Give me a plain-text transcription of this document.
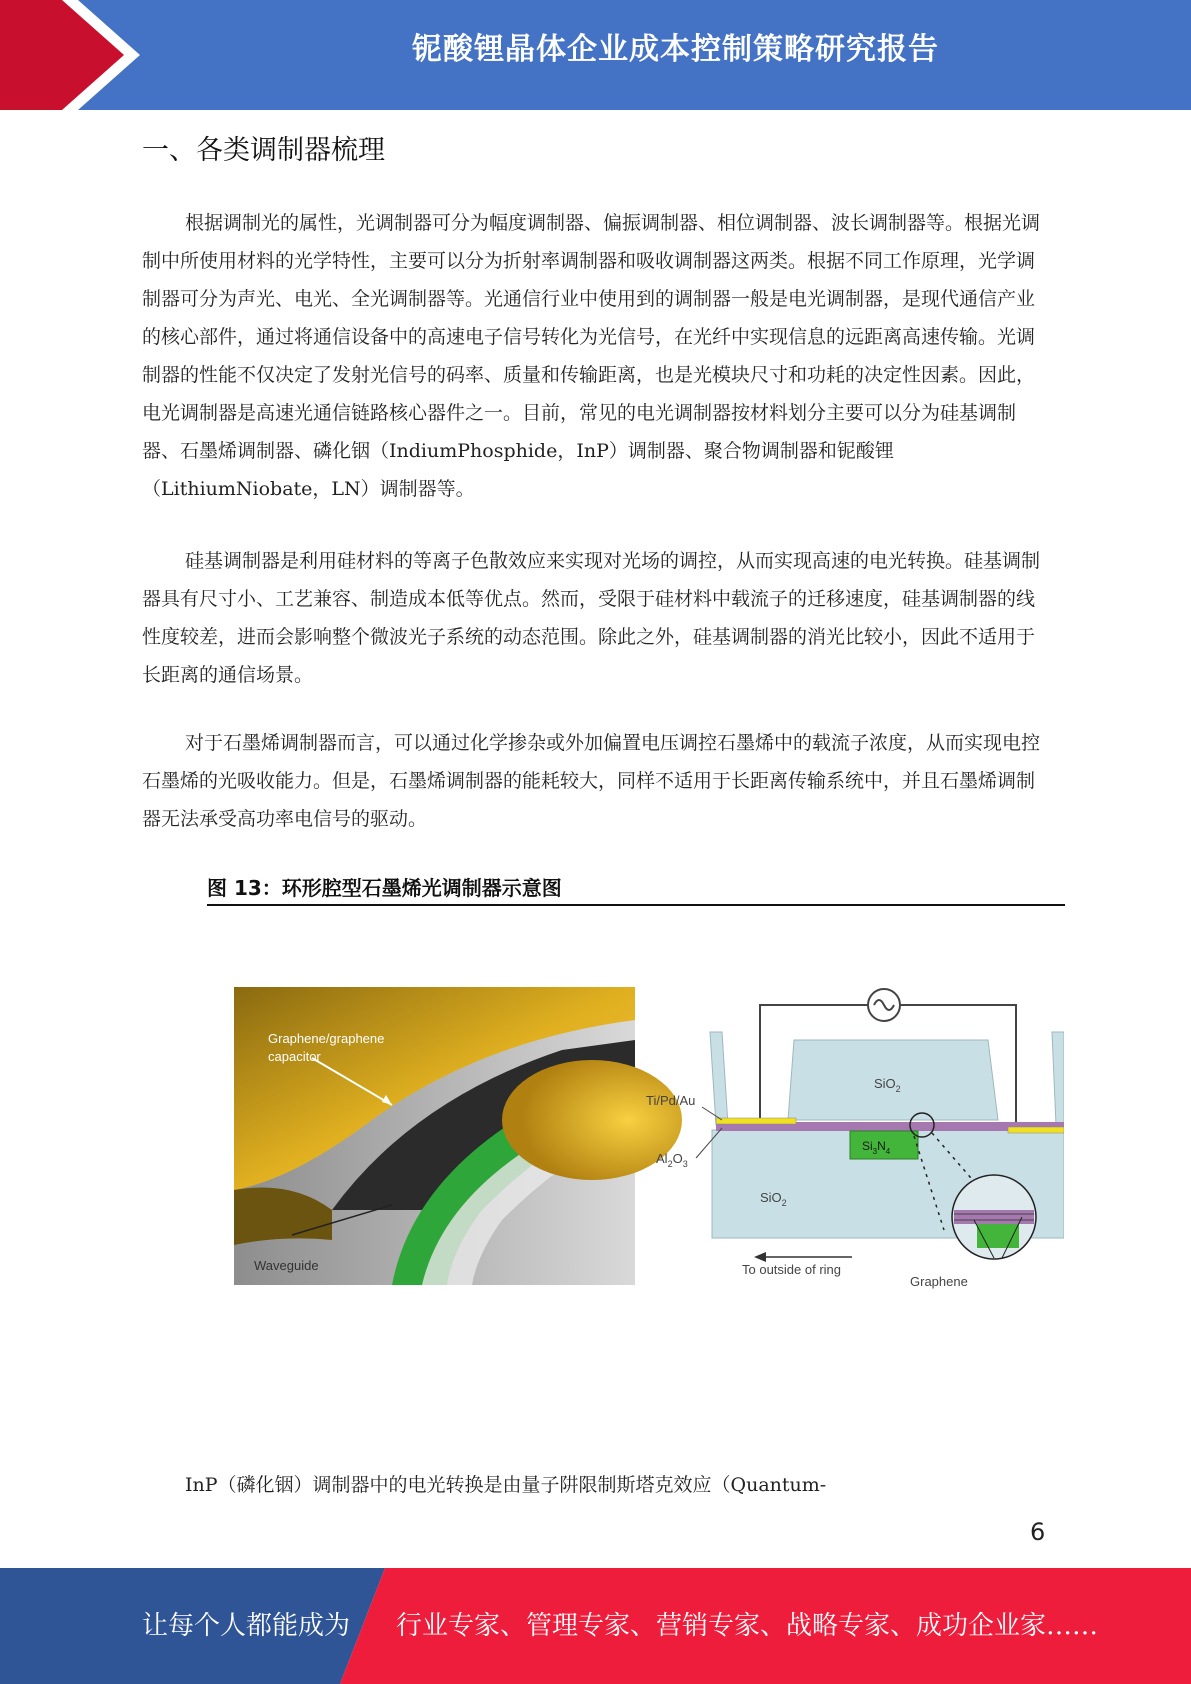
铌酸锂晶体企业成本控制策略研究报告
一、各类调制器梳理

根据调制光的属性，光调制器可分为幅度调制器、偏振调制器、相位调制器、波长调制器等。根据光调制中所使用材料的光学特性，主要可以分为折射率调制器和吸收调制器这两类。根据不同工作原理，光学调制器可分为声光、电光、全光调制器等。光通信行业中使用到的调制器一般是电光调制器，是现代通信产业的核心部件，通过将通信设备中的高速电子信号转化为光信号，在光纤中实现信息的远距离高速传输。光调制器的性能不仅决定了发射光信号的码率、质量和传输距离，也是光模块尺寸和功耗的决定性因素。因此，电光调制器是高速光通信链路核心器件之一。目前，常见的电光调制器按材料划分主要可以分为硅基调制器、石墨烯调制器、磷化铟（IndiumPhosphide，InP）调制器、聚合物调制器和铌酸锂（LithiumNiobate，LN）调制器等。

硅基调制器是利用硅材料的等离子色散效应来实现对光场的调控，从而实现高速的电光转换。硅基调制器具有尺寸小、工艺兼容、制造成本低等优点。然而，受限于硅材料中载流子的迁移速度，硅基调制器的线性度较差，进而会影响整个微波光子系统的动态范围。除此之外，硅基调制器的消光比较小，因此不适用于长距离的通信场景。

对于石墨烯调制器而言，可以通过化学掺杂或外加偏置电压调控石墨烯中的载流子浓度，从而实现电控石墨烯的光吸收能力。但是，石墨烯调制器的能耗较大，同样不适用于长距离传输系统中，并且石墨烯调制器无法承受高功率电信号的驱动。

图 13：环形腔型石墨烯光调制器示意图
Graphene/graphene
capacitor
Waveguide
SiO$_2$
Ti/Pd/Au
$Al_2O_3$
$Si_3N_4$
SiO$_2$
To outside of ring
Graphene

InP（磷化铟）调制器中的电光转换是由量子阱限制斯塔克效应（Quantum-

6
让每个人都能成为 行业专家、管理专家、营销专家、战略专家、成功企业家……
